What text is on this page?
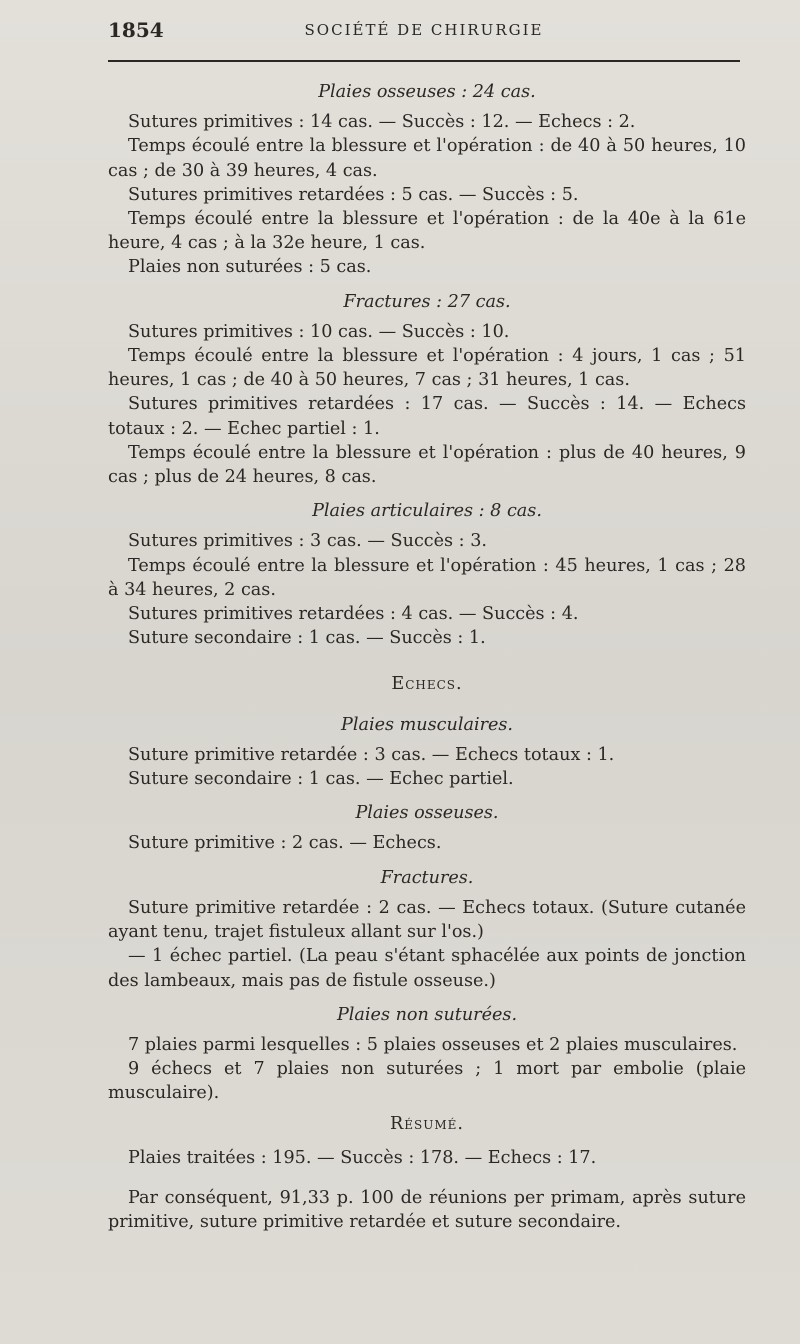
1854	SOCIÉTÉ DE CHIRURGIE

Plaies osseuses : 24 cas.

Sutures primitives : 14 cas. — Succès : 12. — Echecs : 2.

Temps écoulé entre la blessure et l'opération : de 40 à 50 heures, 10 cas ; de 30 à 39 heures, 4 cas.

Sutures primitives retardées : 5 cas. — Succès : 5.

Temps écoulé entre la blessure et l'opération : de la 40e à la 61e heure, 4 cas ; à la 32e heure, 1 cas.

Plaies non suturées : 5 cas.

Fractures : 27 cas.

Sutures primitives : 10 cas. — Succès : 10.

Temps écoulé entre la blessure et l'opération : 4 jours, 1 cas ; 51 heures, 1 cas ; de 40 à 50 heures, 7 cas ; 31 heures, 1 cas.

Sutures primitives retardées : 17 cas. — Succès : 14. — Echecs totaux : 2. — Echec partiel : 1.

Temps écoulé entre la blessure et l'opération : plus de 40 heures, 9 cas ; plus de 24 heures, 8 cas.

Plaies articulaires : 8 cas.

Sutures primitives : 3 cas. — Succès : 3.

Temps écoulé entre la blessure et l'opération : 45 heures, 1 cas ; 28 à 34 heures, 2 cas.

Sutures primitives retardées : 4 cas. — Succès : 4.

Suture secondaire : 1 cas. — Succès : 1.

Echecs.

Plaies musculaires.

Suture primitive retardée : 3 cas. — Echecs totaux : 1.

Suture secondaire : 1 cas. — Echec partiel.

Plaies osseuses.

Suture primitive : 2 cas. — Echecs.

Fractures.

Suture primitive retardée : 2 cas. — Echecs totaux. (Suture cutanée ayant tenu, trajet fistuleux allant sur l'os.)

— 1 échec partiel. (La peau s'étant sphacélée aux points de jonction des lambeaux, mais pas de fistule osseuse.)

Plaies non suturées.

7 plaies parmi lesquelles : 5 plaies osseuses et 2 plaies musculaires.

9 échecs et 7 plaies non suturées ; 1 mort par embolie (plaie musculaire).

Résumé.

Plaies traitées : 195. — Succès : 178. — Echecs : 17.

Par conséquent, 91,33 p. 100 de réunions per primam, après suture primitive, suture primitive retardée et suture secondaire.
